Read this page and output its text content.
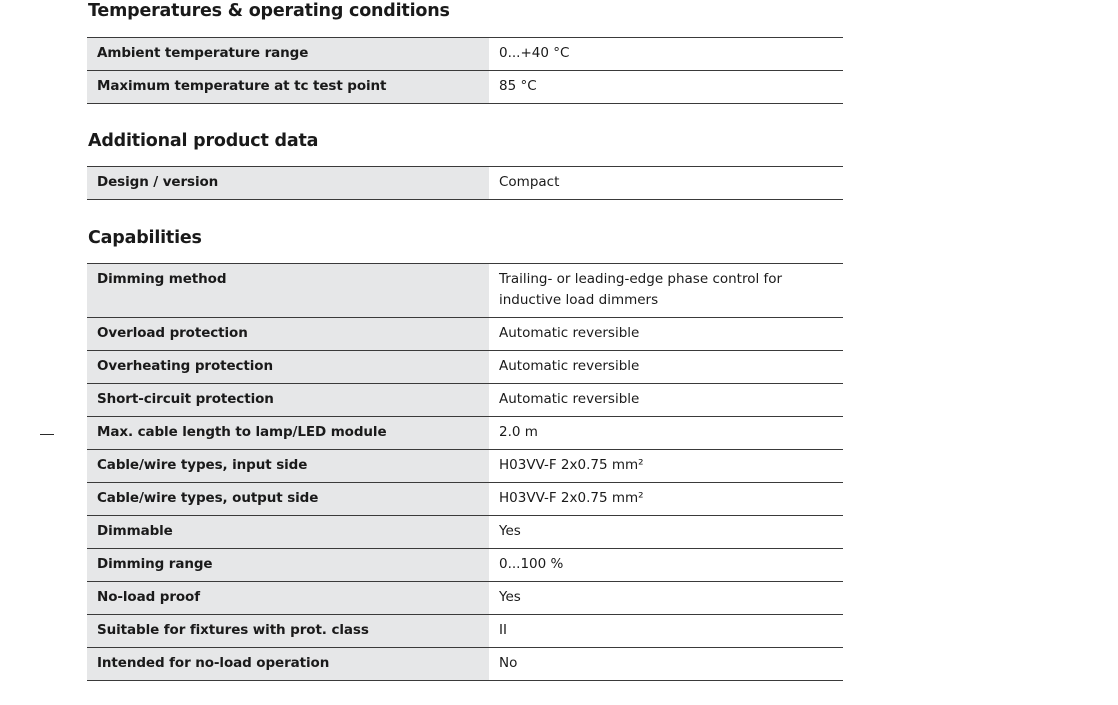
Temperatures & operating conditions
Ambient temperature range	0...+40 °C
Maximum temperature at tc test point	85 °C
Additional product data
Design / version	Compact
Capabilities
Dimming method	Trailing- or leading-edge phase control for inductive load dimmers
Overload protection	Automatic reversible
Overheating protection	Automatic reversible
Short-circuit protection	Automatic reversible
Max. cable length to lamp/LED module	2.0 m
Cable/wire types, input side	H03VV-F 2x0.75 mm²
Cable/wire types, output side	H03VV-F 2x0.75 mm²
Dimmable	Yes
Dimming range	0...100 %
No-load proof	Yes
Suitable for fixtures with prot. class	II
Intended for no-load operation	No
